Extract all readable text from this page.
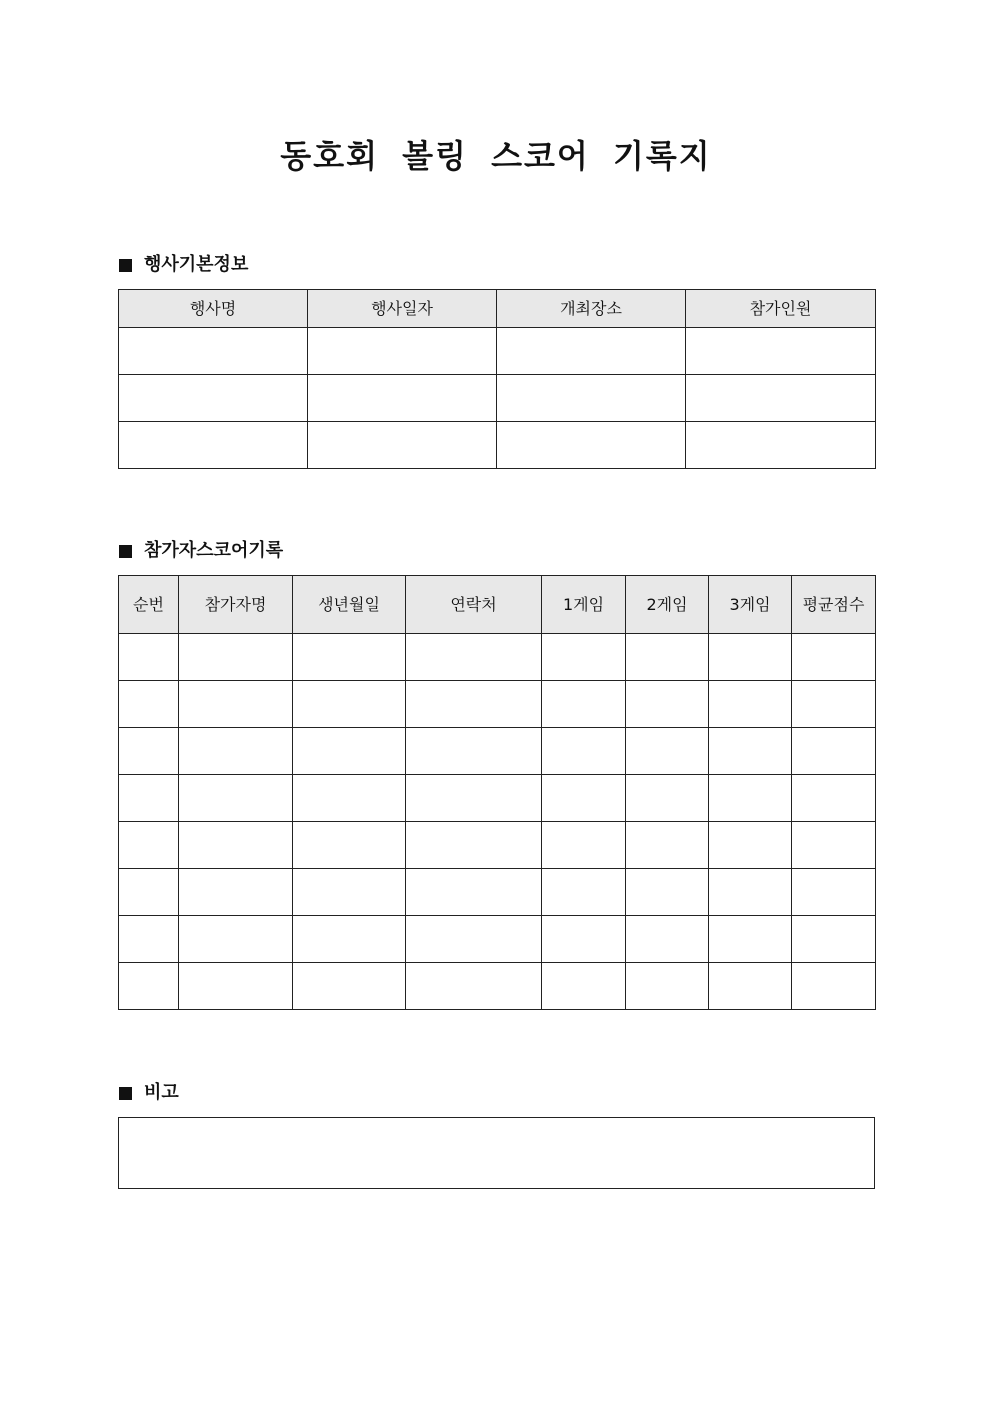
동호회 볼링 스코어 기록지
행사기본정보
행사명	행사일자	개최장소	참가인원

참가자스코어기록
순번	참가자명	생년월일	연락처	1게임	2게임	3게임	평균점수

비고
